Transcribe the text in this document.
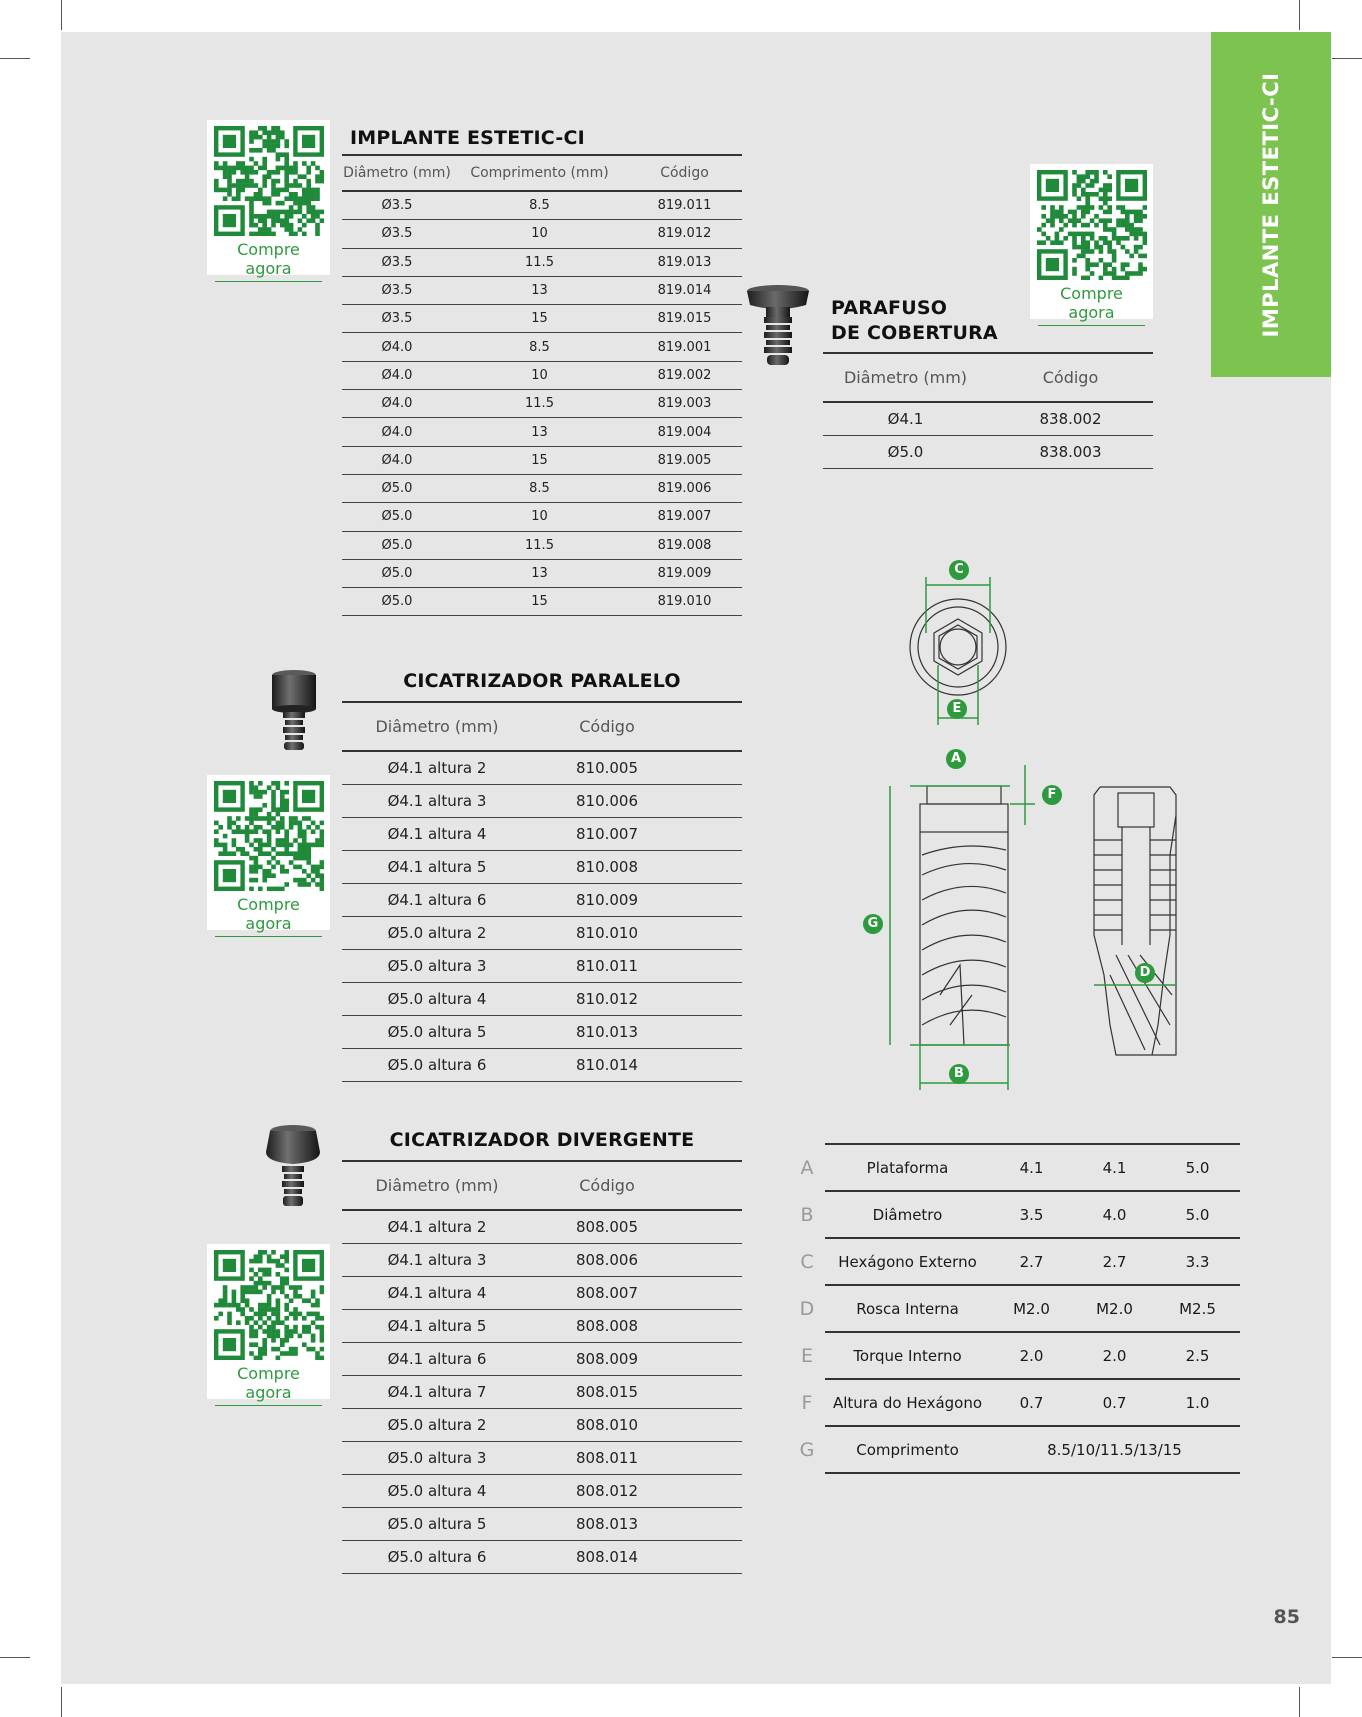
IMPLANTE ESTETIC-CI
85
Compre agora
Compre agora
Compre agora
Compre agora
IMPLANTE ESTETIC-CI
Diâmetro (mm)	Comprimento (mm)	Código
Ø3.5	8.5	819.011
Ø3.5	10	819.012
Ø3.5	11.5	819.013
Ø3.5	13	819.014
Ø3.5	15	819.015
Ø4.0	8.5	819.001
Ø4.0	10	819.002
Ø4.0	11.5	819.003
Ø4.0	13	819.004
Ø4.0	15	819.005
Ø5.0	8.5	819.006
Ø5.0	10	819.007
Ø5.0	11.5	819.008
Ø5.0	13	819.009
Ø5.0	15	819.010
PARAFUSO
DE COBERTURA
Diâmetro (mm)	Código
Ø4.1	838.002
Ø5.0	838.003
CICATRIZADOR PARALELO
Diâmetro (mm)	Código
Ø4.1 altura 2	810.005
Ø4.1 altura 3	810.006
Ø4.1 altura 4	810.007
Ø4.1 altura 5	810.008
Ø4.1 altura 6	810.009
Ø5.0 altura 2	810.010
Ø5.0 altura 3	810.011
Ø5.0 altura 4	810.012
Ø5.0 altura 5	810.013
Ø5.0 altura 6	810.014
CICATRIZADOR DIVERGENTE
Diâmetro (mm)	Código
Ø4.1 altura 2	808.005
Ø4.1 altura 3	808.006
Ø4.1 altura 4	808.007
Ø4.1 altura 5	808.008
Ø4.1 altura 6	808.009
Ø4.1 altura 7	808.015
Ø5.0 altura 2	808.010
Ø5.0 altura 3	808.011
Ø5.0 altura 4	808.012
Ø5.0 altura 5	808.013
Ø5.0 altura 6	808.014
C
E
A
F
G
D
B
A	Plataforma	4.1	4.1	5.0
B	Diâmetro	3.5	4.0	5.0
C	Hexágono Externo	2.7	2.7	3.3
D	Rosca Interna	M2.0	M2.0	M2.5
E	Torque Interno	2.0	2.0	2.5
F	Altura do Hexágono	0.7	0.7	1.0
G	Comprimento	8.5/10/11.5/13/15
